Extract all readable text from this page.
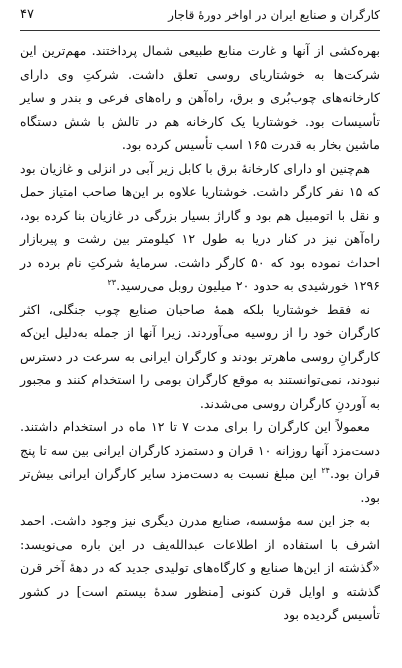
کارگران و صنایع ایران در اواخر دورهٔ قاجار
۴۷

بهره‌کشی از آنها و غارت منابع طبیعی شمال پرداختند. مهم‌ترین این شرکت‌ها به خوشتاریای روسی تعلق داشت. شرکتِ وی دارای کارخانه‌های چوب‌بُری و برق، راه‌آهن و راه‌های فرعی و بندر و سایر تأسیسات بود. خوشتاریا یک کارخانه هم در تالش با شش دستگاه ماشین بخار به قدرت ۱۶۵ اسب تأسیس کرده بود.

هم‌چنین او دارای کارخانهٔ برق با کابل زیر آبی در انزلی و غازیان بود که ۱۵ نفر کارگر داشت. خوشتاریا علاوه بر این‌ها صاحب امتیاز حمل و نقل با اتومبیل هم بود و گاراژ بسیار بزرگی در غازیان بنا کرده بود، راه‌آهن نیز در کنار دریا به طول ۱۲ کیلومتر بین رشت و پیربازار احداث نموده بود که ۵۰ کارگر داشت. سرمایهٔ شرکتِ نام برده در ۱۲۹۶ خورشیدی به حدود ۲۰ میلیون روبل می‌رسید.$^{۲۳}$

نه فقط خوشتاریا بلکه همهٔ صاحبان صنایع چوب جنگلی، اکثر کارگران خود را از روسیه می‌آوردند. زیرا آنها از جمله به‌دلیل این‌که کارگرانِ روسی ماهرتر بودند و کارگران ایرانی به سرعت در دسترس نبودند، نمی‌توانستند به موقع کارگران بومی را استخدام کنند و مجبور به آوردنِ کارگران روسی می‌شدند.

معمولاً این کارگران را برای مدت ۷ تا ۱۲ ماه در استخدام داشتند. دست‌مزد آنها روزانه ۱۰ قران و دستمزد کارگران ایرانی بین سه تا پنج قران بود.$^{۲۴}$ این مبلغ نسبت به دست‌مزد سایر کارگران ایرانی بیش‌تر بود.

به جز این سه مؤسسه، صنایع مدرن دیگری نیز وجود داشت. احمد اشرف با استفاده از اطلاعات عبدالله‌یف در این باره می‌نویسد: «گذشته از این‌ها صنایع و کارگاه‌های تولیدی جدید که در دههٔ آخر قرن گذشته و اوایل قرن کنونی [منظور سدهٔ بیستم است] در کشور تأسیس گردیده بود
